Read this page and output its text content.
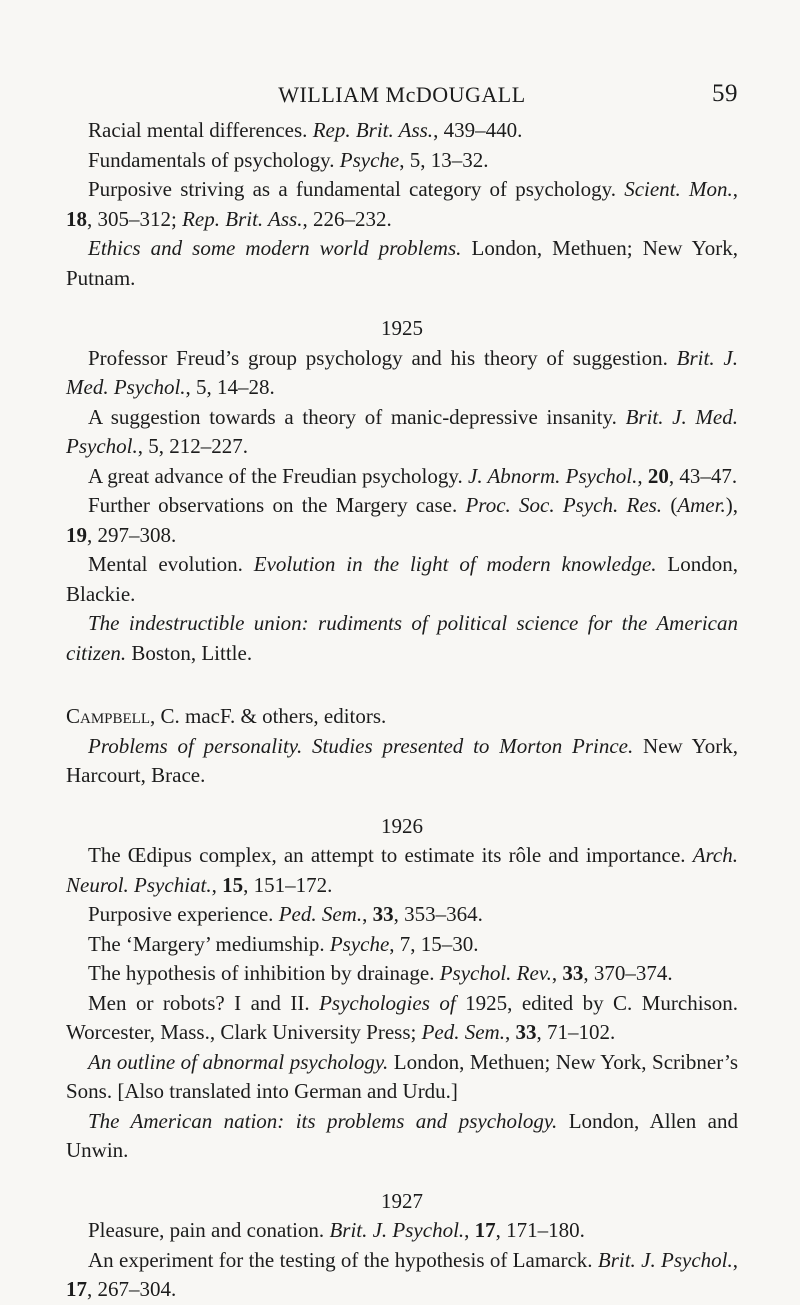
WILLIAM McDOUGALL	59
Racial mental differences. Rep. Brit. Ass., 439–440.
Fundamentals of psychology. Psyche, 5, 13–32.
Purposive striving as a fundamental category of psychology. Scient. Mon., 18, 305–312; Rep. Brit. Ass., 226–232.
Ethics and some modern world problems. London, Methuen; New York, Putnam.
1925
Professor Freud’s group psychology and his theory of suggestion. Brit. J. Med. Psychol., 5, 14–28.
A suggestion towards a theory of manic-depressive insanity. Brit. J. Med. Psychol., 5, 212–227.
A great advance of the Freudian psychology. J. Abnorm. Psychol., 20, 43–47.
Further observations on the Margery case. Proc. Soc. Psych. Res. (Amer.), 19, 297–308.
Mental evolution. Evolution in the light of modern knowledge. London, Blackie.
The indestructible union: rudiments of political science for the American citizen. Boston, Little.
Campbell, C. macF. & others, editors.
Problems of personality. Studies presented to Morton Prince. New York, Harcourt, Brace.
1926
The Œdipus complex, an attempt to estimate its rôle and importance. Arch. Neurol. Psychiat., 15, 151–172.
Purposive experience. Ped. Sem., 33, 353–364.
The ‘Margery’ mediumship. Psyche, 7, 15–30.
The hypothesis of inhibition by drainage. Psychol. Rev., 33, 370–374.
Men or robots? I and II. Psychologies of 1925, edited by C. Murchison. Worcester, Mass., Clark University Press; Ped. Sem., 33, 71–102.
An outline of abnormal psychology. London, Methuen; New York, Scribner’s Sons. [Also translated into German and Urdu.]
The American nation: its problems and psychology. London, Allen and Unwin.
1927
Pleasure, pain and conation. Brit. J. Psychol., 17, 171–180.
An experiment for the testing of the hypothesis of Lamarck. Brit. J. Psychol., 17, 267–304.
